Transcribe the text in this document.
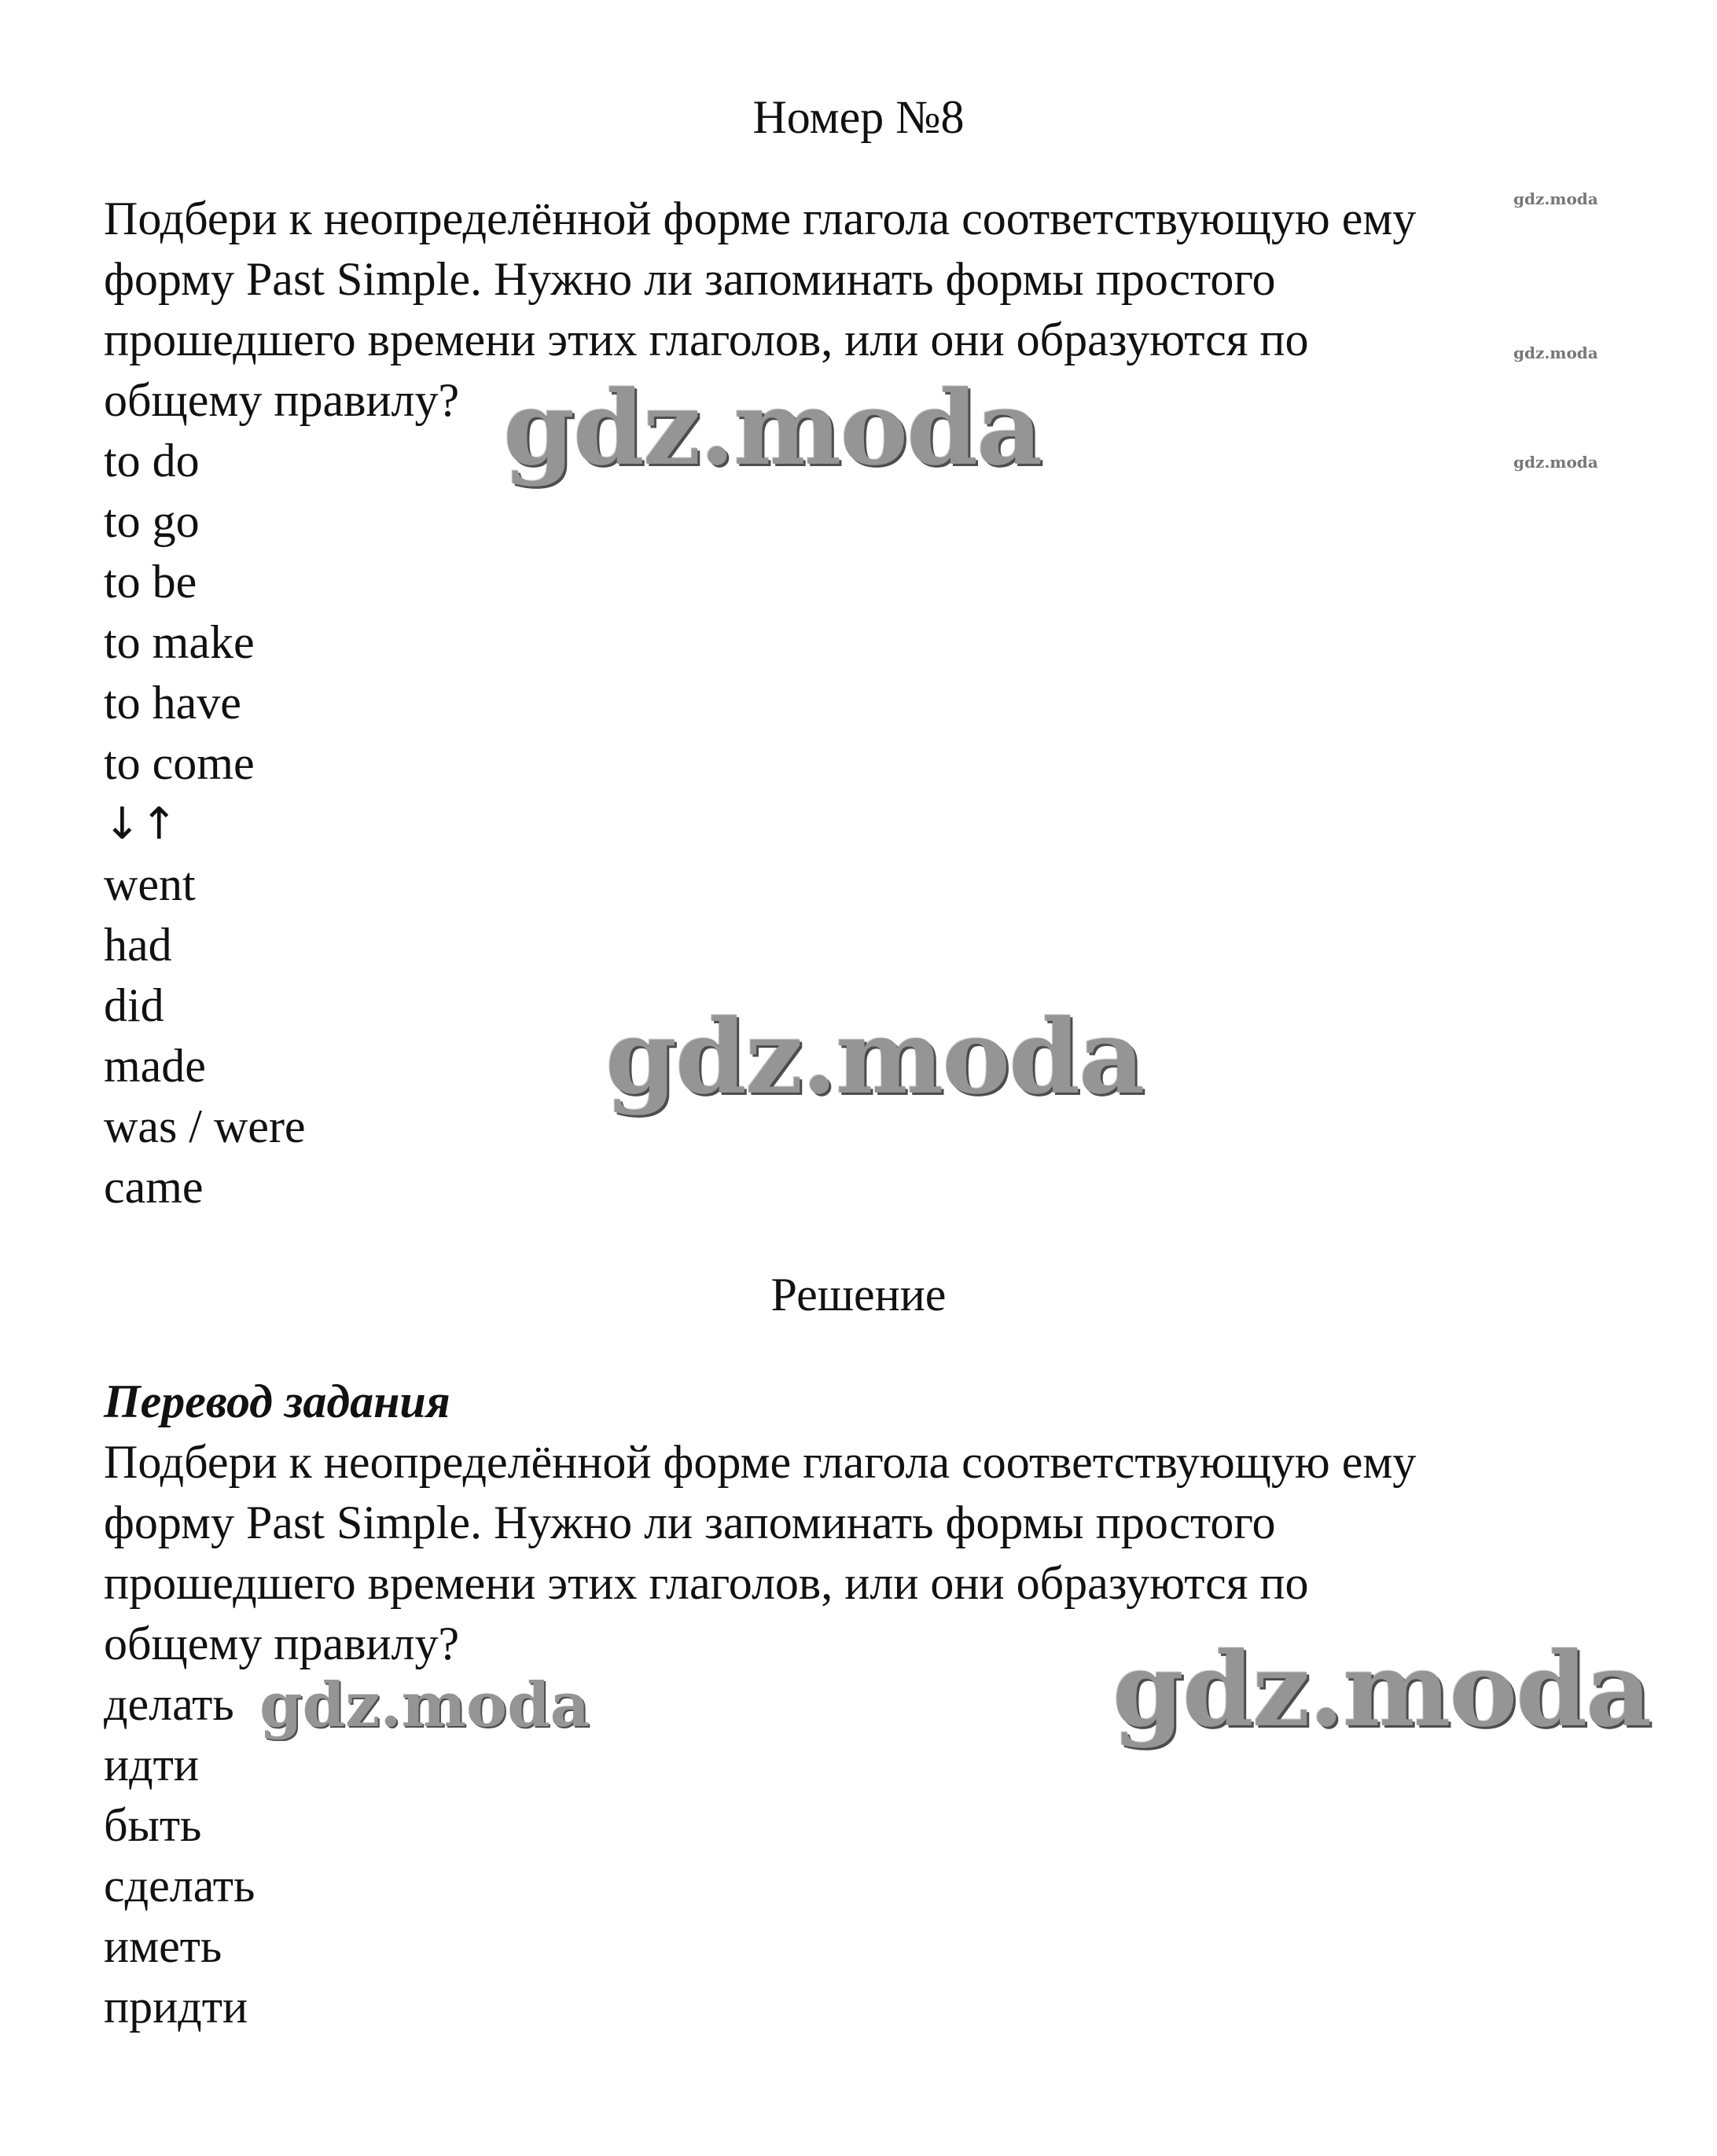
Номер №8

Подбери к неопределённой форме глагола соответствующую ему

форму Past Simple. Нужно ли запоминать формы простого

прошедшего времени этих глаголов, или они образуются по

общему правилу?

to do

to go

to be

to make

to have

to come

↓↑

went

had

did

made

was / were

came

Решение

Перевод задания

Подбери к неопределённой форме глагола соответствующую ему

форму Past Simple. Нужно ли запоминать формы простого

прошедшего времени этих глаголов, или они образуются по

общему правилу?

делать

идти

быть

сделать

иметь

придти

gdz.moda
gdz.moda
gdz.moda
gdz.moda
gdz.moda
gdz.moda	gdz.moda
